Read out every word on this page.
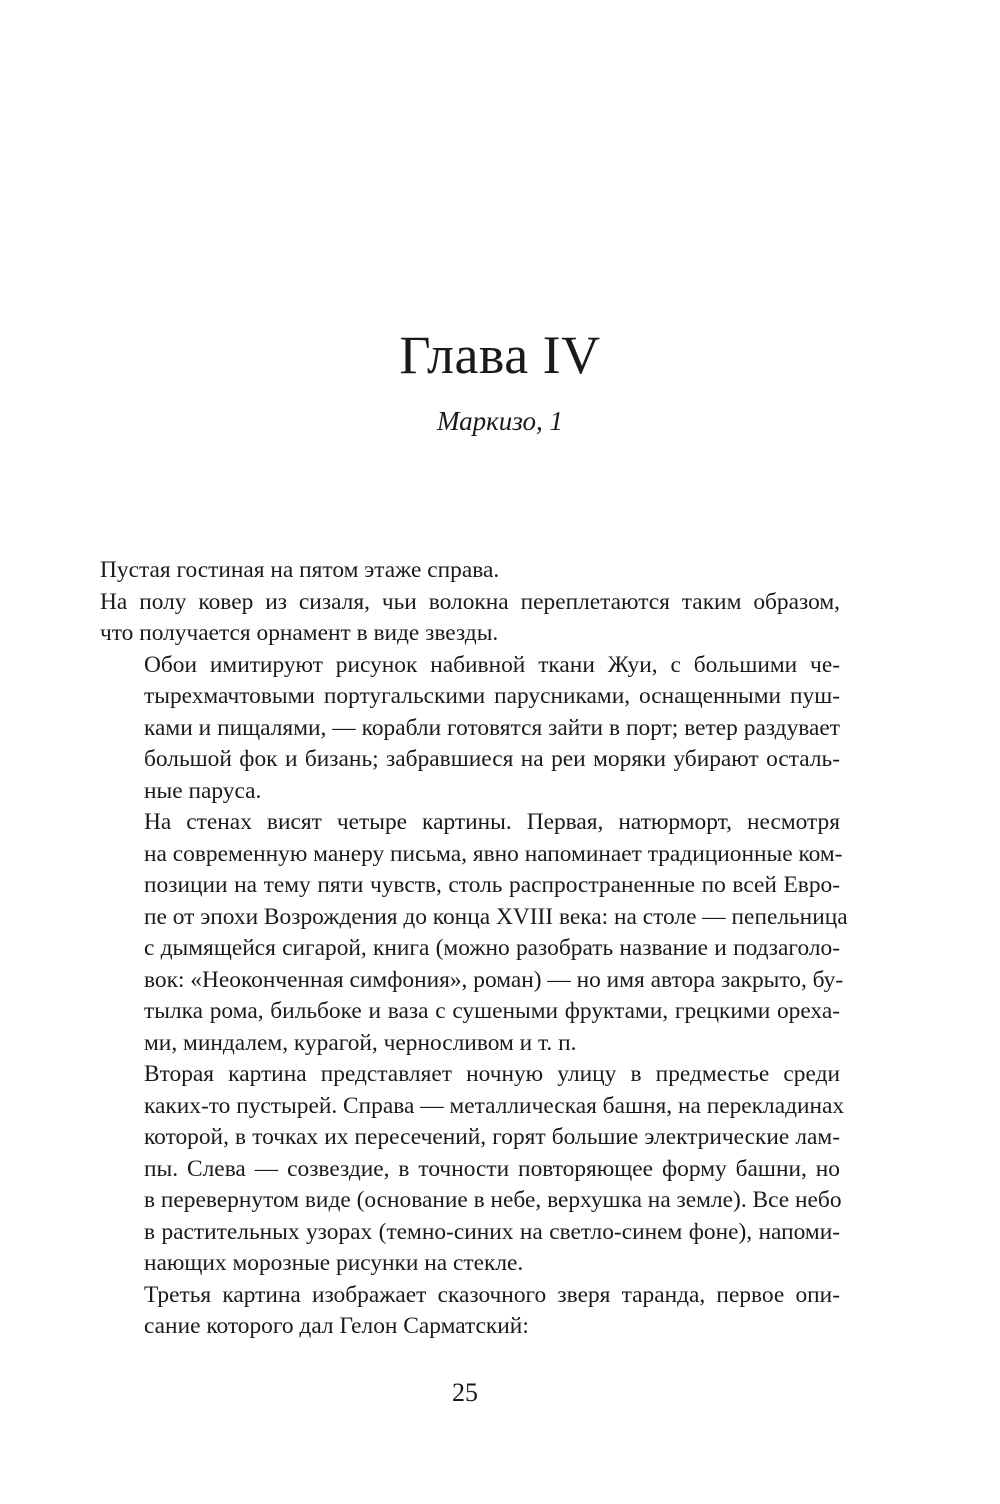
Глава IV
Маркизо, 1

Пустая гостиная на пятом этаже справа.

На полу ковер из сизаля, чьи волокна переплетаются таким образом,
что получается орнамент в виде звезды.

Обои имитируют рисунок набивной ткани Жуи, с большими че-
тырехмачтовыми португальскими парусниками, оснащенными пуш-
ками и пищалями, — корабли готовятся зайти в порт; ветер раздувает
большой фок и бизань; забравшиеся на реи моряки убирают осталь-
ные паруса.

На стенах висят четыре картины. Первая, натюрморт, несмотря
на современную манеру письма, явно напоминает традиционные ком-
позиции на тему пяти чувств, столь распространенные по всей Евро-
пе от эпохи Возрождения до конца XVIII века: на столе — пепельница
с дымящейся сигарой, книга (можно разобрать название и подзаголо-
вок: «Неоконченная симфония», роман) — но имя автора закрыто, бу-
тылка рома, бильбоке и ваза с сушеными фруктами, грецкими ореха-
ми, миндалем, курагой, черносливом и т. п.

Вторая картина представляет ночную улицу в предместье среди
каких-то пустырей. Справа — металлическая башня, на перекладинах
которой, в точках их пересечений, горят большие электрические лам-
пы. Слева — созвездие, в точности повторяющее форму башни, но
в перевернутом виде (основание в небе, верхушка на земле). Все небо
в растительных узорах (темно-синих на светло-синем фоне), напоми-
нающих морозные рисунки на стекле.

Третья картина изображает сказочного зверя таранда, первое опи-
сание которого дал Гелон Сарматский:

25
